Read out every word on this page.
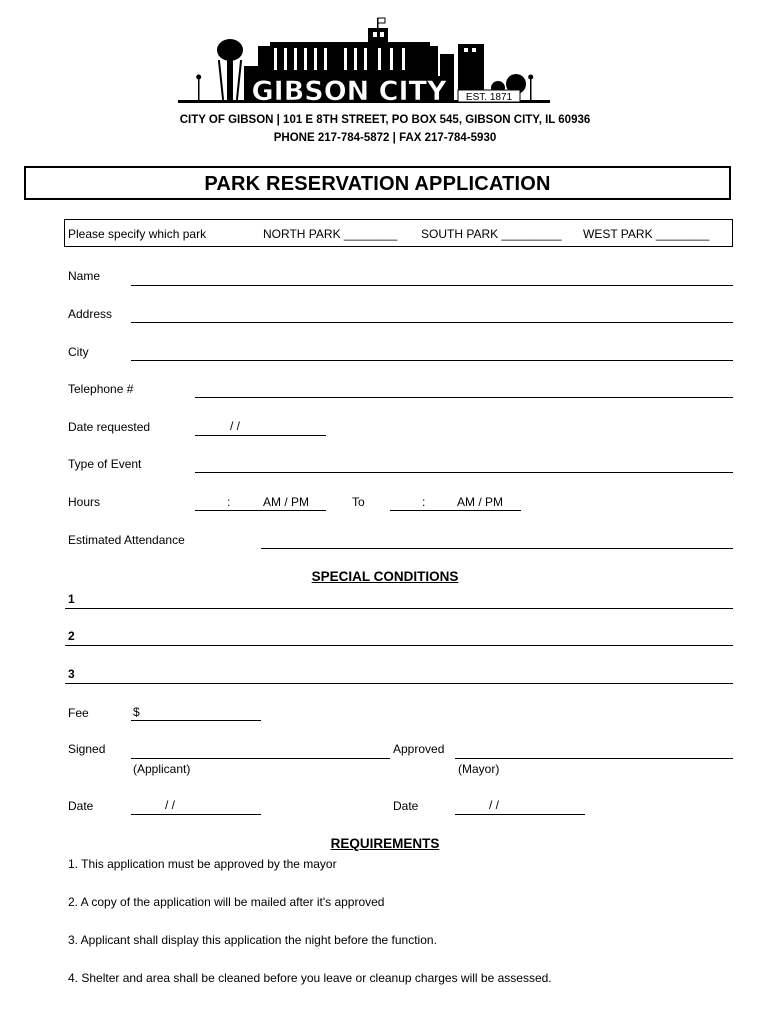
GIBSON CITY EST. 1871
CITY OF GIBSON | 101 E 8TH STREET, PO BOX 545, GIBSON CITY, IL 60936
PHONE 217-784-5872 | FAX 217-784-5930
PARK RESERVATION APPLICATION
Please specify which park	NORTH PARK ________ SOUTH PARK _________ WEST PARK ________
Name
Address
City
Telephone #
Date requested	/ /
Type of Event
Hours	:	AM / PM	To	:	AM / PM
Estimated Attendance
SPECIAL CONDITIONS
1
2
3
Fee	$
Signed
(Applicant)
Approved
(Mayor)
Date	/ /	Date	/ /
REQUIREMENTS
1. This application must be approved by the mayor
2. A copy of the application will be mailed after it's approved
3. Applicant shall display this application the night before the function.
4. Shelter and area shall be cleaned before you leave or cleanup charges will be assessed.
